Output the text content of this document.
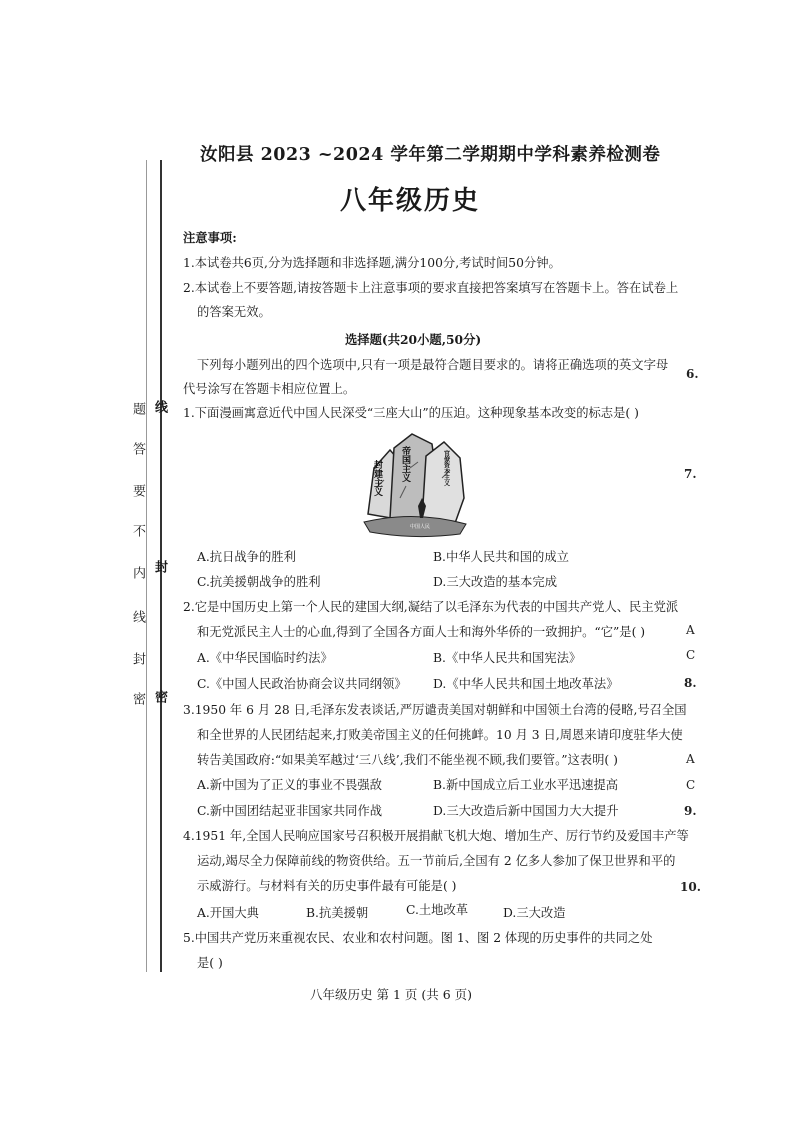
线
封
密
题
答
要
不
内
线
封
密
汝阳县 2023 ~2024 学年第二学期期中学科素养检测卷
八年级历史
注意事项:
1.本试卷共6页,分为选择题和非选择题,满分100分,考试时间50分钟。
2.本试卷上不要答题,请按答题卡上注意事项的要求直接把答案填写在答题卡上。答在试卷上
的答案无效。
选择题(共20小题,50分)
下列每小题列出的四个选项中,只有一项是最符合题目要求的。请将正确选项的英文字母
代号涂写在答题卡相应位置上。
1.下面漫画寓意近代中国人民深受“三座大山”的压迫。这种现象基本改变的标志是( )
封建主义 帝国主义	官僚资本主义
中国人民
A.抗日战争的胜利	B.中华人民共和国的成立
C.抗美援朝战争的胜利	D.三大改造的基本完成
2.它是中国历史上第一个人民的建国大纲,凝结了以毛泽东为代表的中国共产党人、民主党派
和无党派民主人士的心血,得到了全国各方面人士和海外华侨的一致拥护。“它”是( )
A.《中华民国临时约法》	B.《中华人民共和国宪法》
C.《中国人民政治协商会议共同纲领》 D.《中华人民共和国土地改革法》
3.1950 年 6 月 28 日,毛泽东发表谈话,严厉谴责美国对朝鲜和中国领土台湾的侵略,号召全国
和全世界的人民团结起来,打败美帝国主义的任何挑衅。10 月 3 日,周恩来请印度驻华大使
转告美国政府:“如果美军越过‘三八线’,我们不能坐视不顾,我们要管。”这表明( )
A.新中国为了正义的事业不畏强敌	B.新中国成立后工业水平迅速提高
C.新中国团结起亚非国家共同作战	D.三大改造后新中国国力大大提升
4.1951 年,全国人民响应国家号召积极开展捐献飞机大炮、增加生产、厉行节约及爱国丰产等
运动,竭尽全力保障前线的物资供给。五一节前后,全国有 2 亿多人参加了保卫世界和平的
示威游行。与材料有关的历史事件最有可能是( )
A.开国大典	B.抗美援朝	C.土地改革	D.三大改造
5.中国共产党历来重视农民、农业和农村问题。图 1、图 2 体现的历史事件的共同之处
是( )
6.
7.
A
C
8.
A
C
9.
10.
八年级历史 第 1 页 (共 6 页)
